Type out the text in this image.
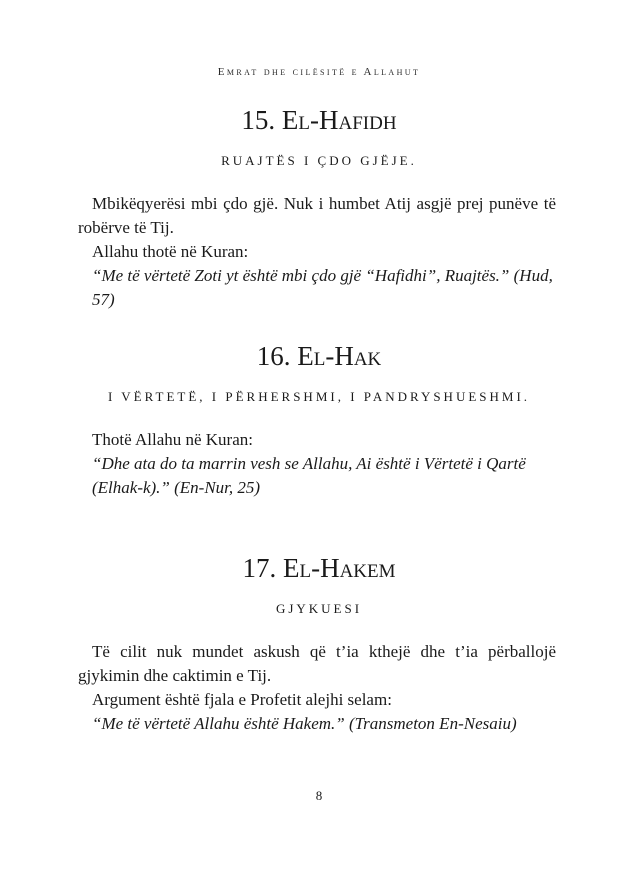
Emrat dhe cilësitë e Allahut
15. El-Hafidh
RUAJTËS I ÇDO GJËJE.

Mbikëqyerësi mbi çdo gjë. Nuk i humbet Atij asgjë prej punëve të robërve të Tij.

Allahu thotë në Kuran:

“Me të vërtetë Zoti yt është mbi çdo gjë “Hafidhi”, Ruajtës.” (Hud, 57)

16. El-Hak
I VËRTETË, I PËRHERSHMI, I PANDRYSHUESHMI.

Thotë Allahu në Kuran:

“Dhe ata do ta marrin vesh se Allahu, Ai është i Vërtetë i Qartë (Elhak-k).” (En-Nur, 25)

17. El-Hakem
GJYKUESI

Të cilit nuk mundet askush që t’ia kthejë dhe t’ia përballojë gjykimin dhe caktimin e Tij.

Argument është fjala e Profetit alejhi selam:

“Me të vërtetë Allahu është Hakem.” (Transmeton En-Nesaiu)

8
